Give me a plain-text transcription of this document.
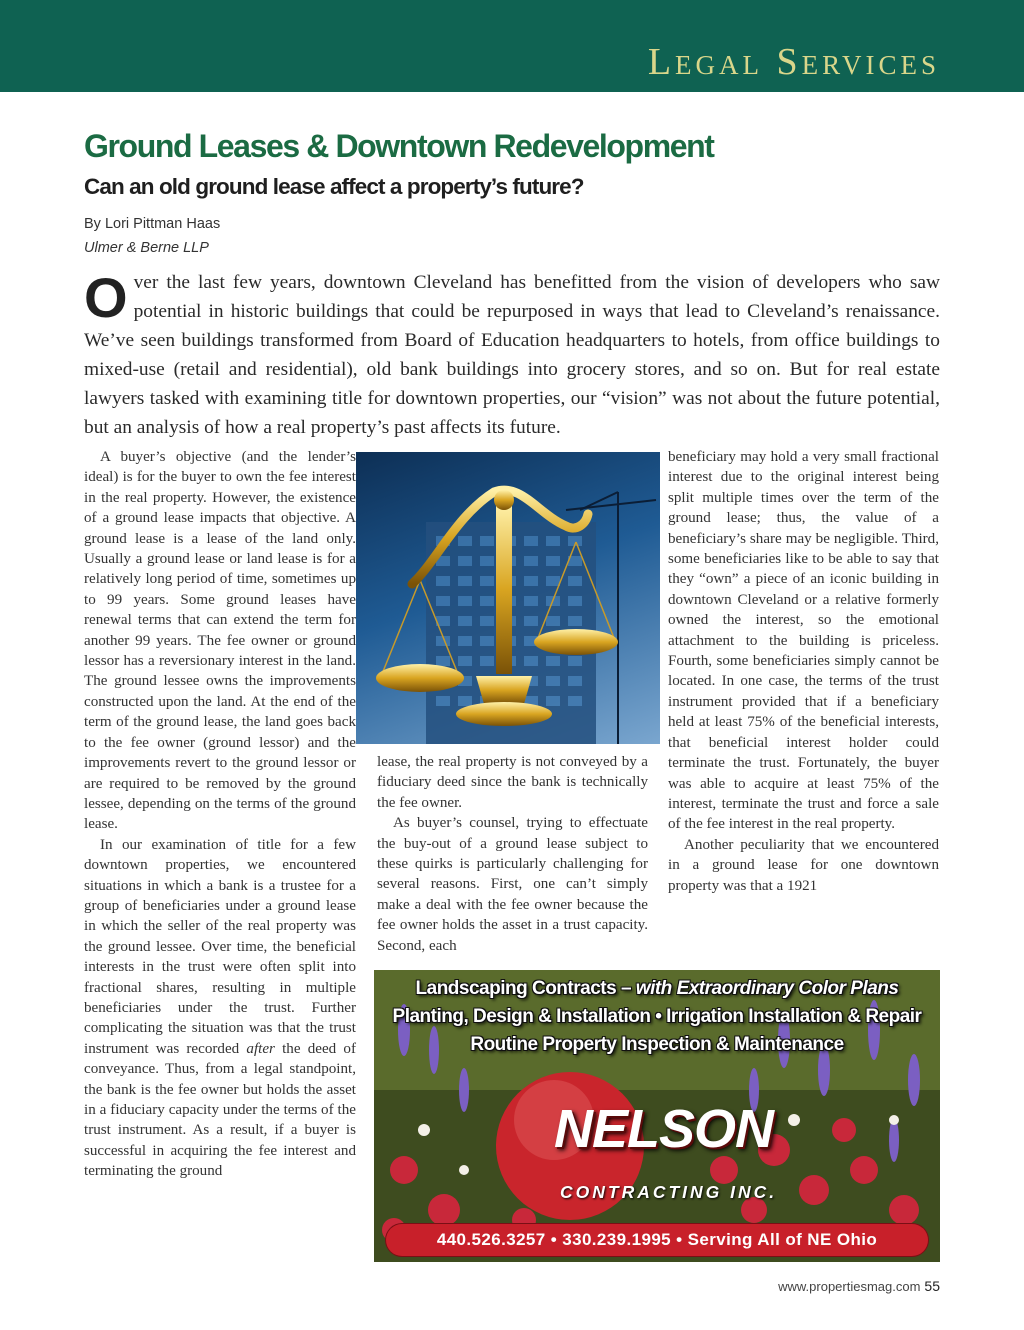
Legal Services
Ground Leases & Downtown Redevelopment
Can an old ground lease affect a property’s future?
By Lori Pittman Haas
Ulmer & Berne LLP

Over the last few years, downtown Cleveland has benefitted from the vision of developers who saw potential in historic buildings that could be repurposed in ways that lead to Cleveland’s renaissance. We’ve seen buildings transformed from Board of Education headquarters to hotels, from office buildings to mixed-use (retail and residential), old bank buildings into grocery stores, and so on. But for real estate lawyers tasked with examining title for downtown properties, our “vision” was not about the future potential, but an analysis of how a real property’s past affects its future.

A buyer’s objective (and the lender’s ideal) is for the buyer to own the fee interest in the real property. However, the existence of a ground lease impacts that objective. A ground lease is a lease of the land only. Usually a ground lease or land lease is for a relatively long period of time, sometimes up to 99 years. Some ground leases have renewal terms that can extend the term for another 99 years. The fee owner or ground lessor has a reversionary interest in the land. The ground lessee owns the improvements constructed upon the land. At the end of the term of the ground lease, the land goes back to the fee owner (ground lessor) and the improvements revert to the ground lessor or are required to be removed by the ground lessee, depending on the terms of the ground lease.

In our examination of title for a few downtown properties, we encountered situations in which a bank is a trustee for a group of beneficiaries under a ground lease in which the seller of the real property was the ground lessee. Over time, the beneficial interests in the trust were often split into fractional shares, resulting in multiple beneficiaries under the trust. Further complicating the situation was that the trust instrument was recorded after the deed of conveyance. Thus, from a legal standpoint, the bank is the fee owner but holds the asset in a fiduciary capacity under the terms of the trust instrument. As a result, if a buyer is successful in acquiring the fee interest and terminating the ground

lease, the real property is not conveyed by a fiduciary deed since the bank is technically the fee owner.

As buyer’s counsel, trying to effectuate the buy-out of a ground lease subject to these quirks is particularly challenging for several reasons. First, one can’t simply make a deal with the fee owner because the fee owner holds the asset in a trust capacity. Second, each

beneficiary may hold a very small fractional interest due to the original interest being split multiple times over the term of the ground lease; thus, the value of a beneficiary’s share may be negligible. Third, some beneficiaries like to be able to say that they “own” a piece of an iconic building in downtown Cleveland or a relative formerly owned the interest, so the emotional attachment to the building is priceless. Fourth, some beneficiaries simply cannot be located. In one case, the terms of the trust instrument provided that if a beneficiary held at least 75% of the beneficial interests, that beneficial interest holder could terminate the trust. Fortunately, the buyer was able to acquire at least 75% of the interest, terminate the trust and force a sale of the fee interest in the real property.

Another peculiarity that we encountered in a ground lease for one downtown property was that a 1921

Landscaping Contracts – with Extraordinary Color Plans
Planting, Design & Installation • Irrigation Installation & Repair
Routine Property Inspection & Maintenance
NELSON
CONTRACTING INC.
440.526.3257 • 330.239.1995 • Serving All of NE Ohio
www.propertiesmag.com 55
